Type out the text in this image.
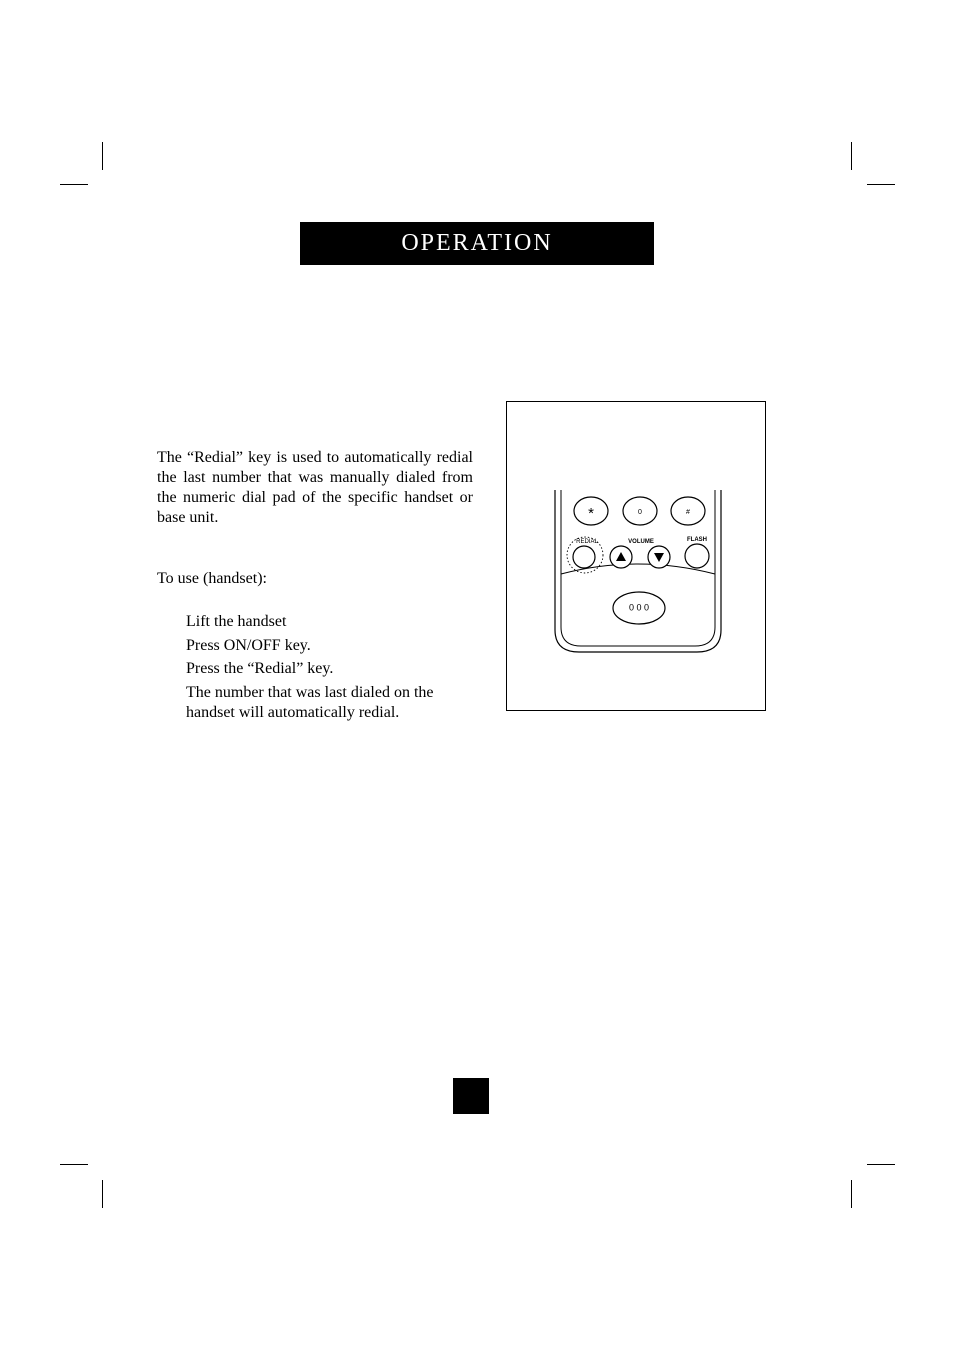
OPERATION

The “Redial” key is used to automatically redial the last number that was manually dialed from the numeric dial pad of the specific handset or base unit.

To use (handset):

Lift the handset
Press ON/OFF key.
Press the “Redial” key.
The number that was last dialed on the handset will automatically redial.
*	0	#
REDIAL	VOLUME	FLASH
0 0 0
